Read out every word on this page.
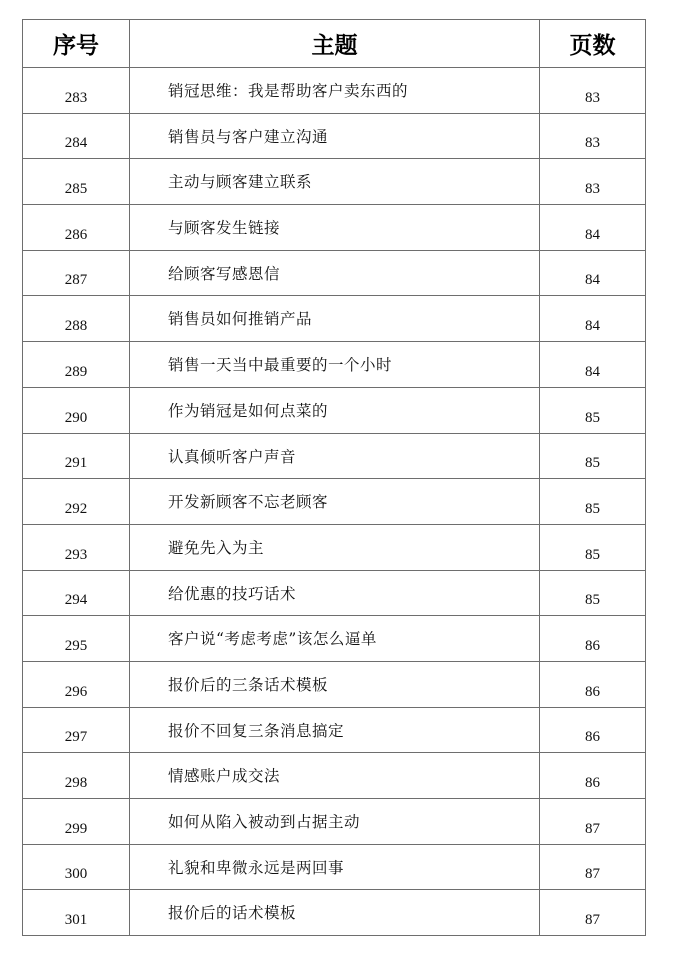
序号	主题	页数
283	销冠思维：我是帮助客户卖东西的	83
284	销售员与客户建立沟通	83
285	主动与顾客建立联系	83
286	与顾客发生链接	84
287	给顾客写感恩信	84
288	销售员如何推销产品	84
289	销售一天当中最重要的一个小时	84
290	作为销冠是如何点菜的	85
291	认真倾听客户声音	85
292	开发新顾客不忘老顾客	85
293	避免先入为主	85
294	给优惠的技巧话术	85
295	客户说“考虑考虑”该怎么逼单	86
296	报价后的三条话术模板	86
297	报价不回复三条消息搞定	86
298	情感账户成交法	86
299	如何从陷入被动到占据主动	87
300	礼貌和卑微永远是两回事	87
301	报价后的话术模板	87
